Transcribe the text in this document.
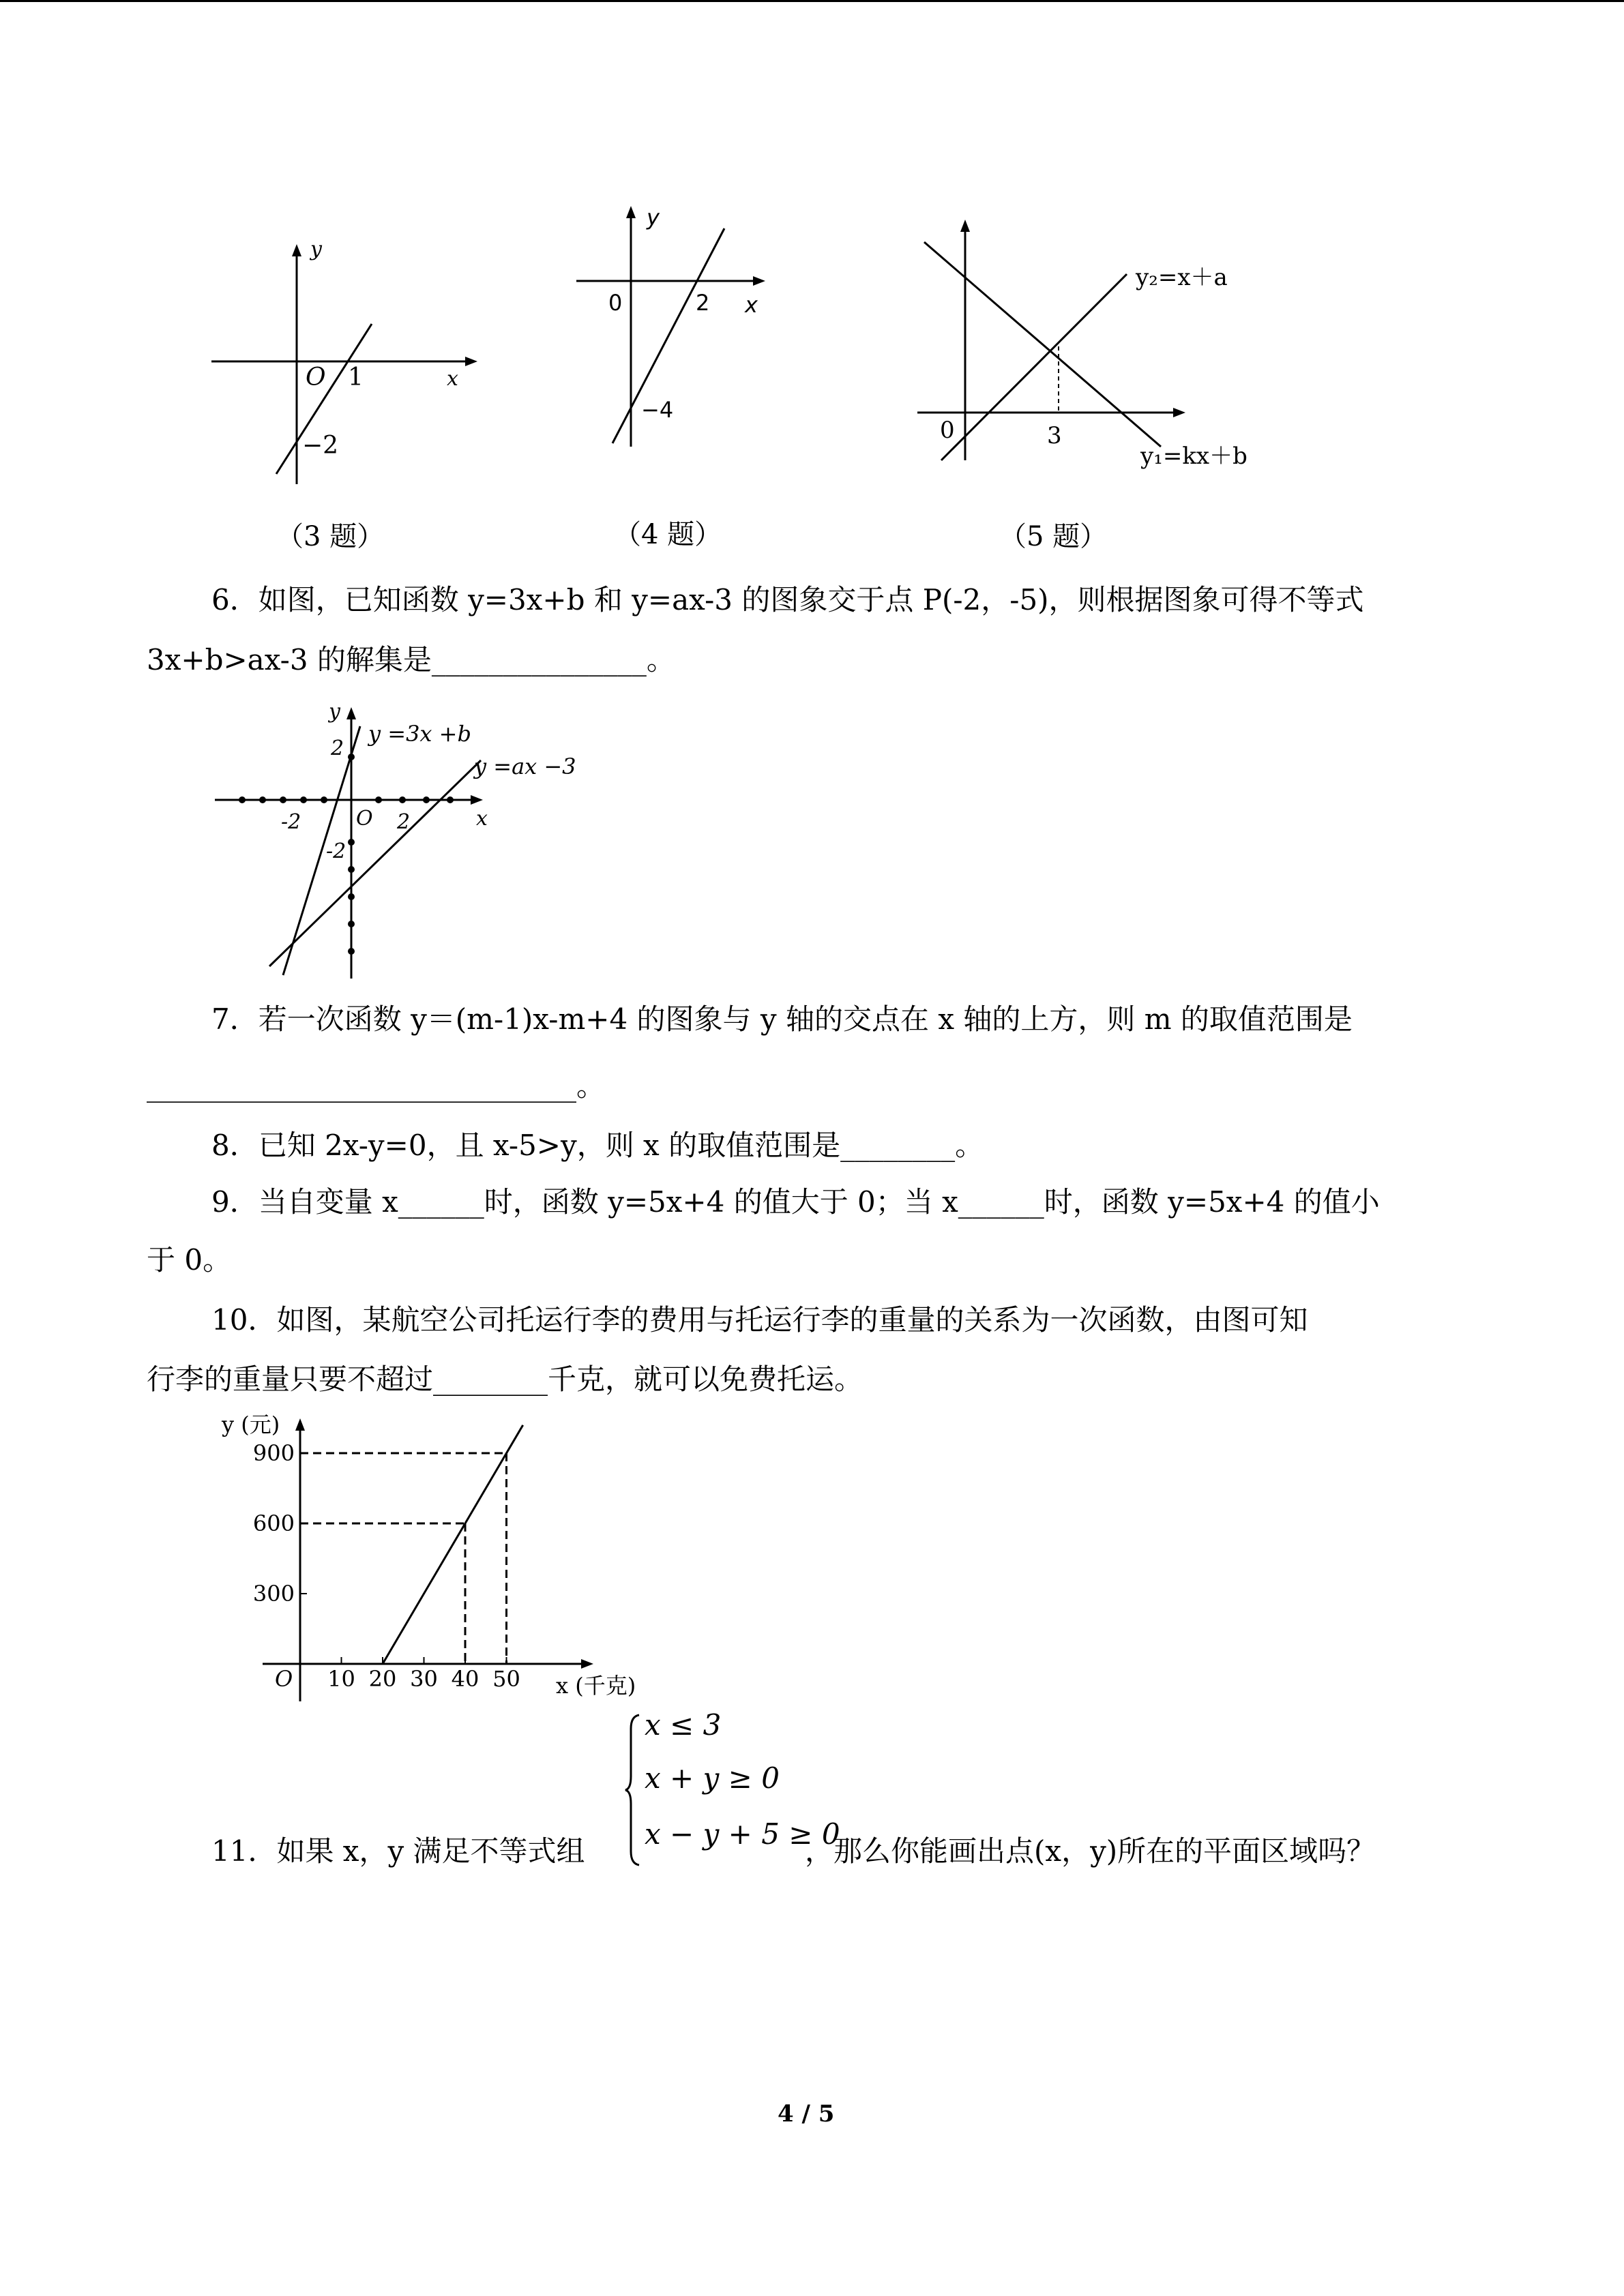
y
x
O 1
−2
y
x
0	2
−4
0	3
y₂=x＋a
y₁=kx＋b
（3 题）	（4 题）	（5 题）
6．如图，已知函数 y=3x+b 和 y=ax-3 的图象交于点 P(-2，-5)，则根据图象可得不等式
3x+b>ax-3 的解集是_______________。
y
x
O
y =3x +b
y =ax −3
2
-2
-2	2
7．若一次函数 y＝(m-1)x-m+4 的图象与 y 轴的交点在 x 轴的上方，则 m 的取值范围是
______________________________。
8．已知 2x-y=0，且 x-5>y，则 x 的取值范围是________。
9．当自变量 x______时，函数 y=5x+4 的值大于 0；当 x______时，函数 y=5x+4 的值小
于 0。
10．如图，某航空公司托运行李的费用与托运行李的重量的关系为一次函数，由图可知
行李的重量只要不超过________千克，就可以免费托运。
y (元)
x (千克)
O
300
600
900
10 20 30 40 50
x ≤ 3
x + y ≥ 0
x − y + 5 ≥ 0
11．如果 x，y 满足不等式组	，那么你能画出点(x，y)所在的平面区域吗？
4 / 5
